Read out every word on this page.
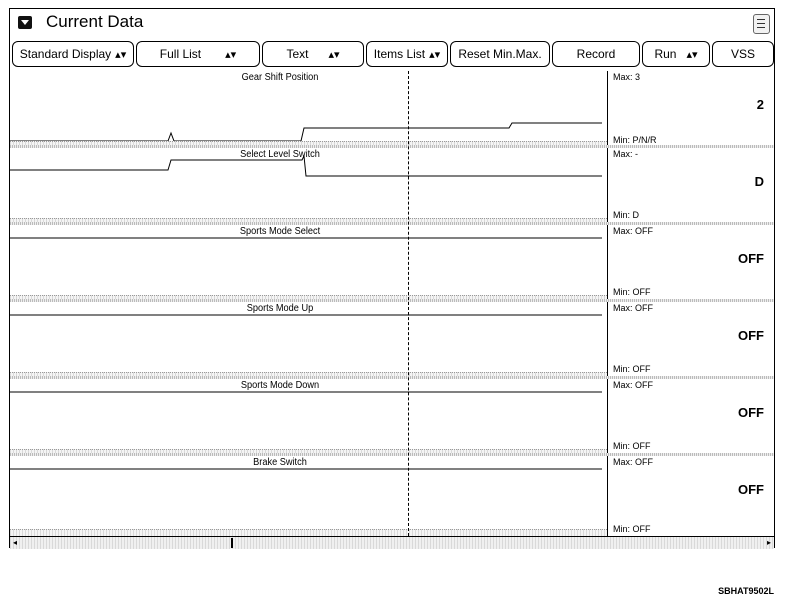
Current Data
Standard Display ▴▾	Full List ▴▾	Text ▴▾	Items List ▴▾ Reset Min.Max.	Record	Run ▴▾	VSS
Gear Shift Position	Max: 3
2
Min: P/N/R
Select Level Switch	Max: -
D
Min: D
Sports Mode Select	Max: OFF
OFF
Min: OFF
Sports Mode Up	Max: OFF
OFF
Min: OFF
Sports Mode Down	Max: OFF
OFF
Min: OFF
Brake Switch	Max: OFF
OFF
Min: OFF
◂	▸
SBHAT9502L
